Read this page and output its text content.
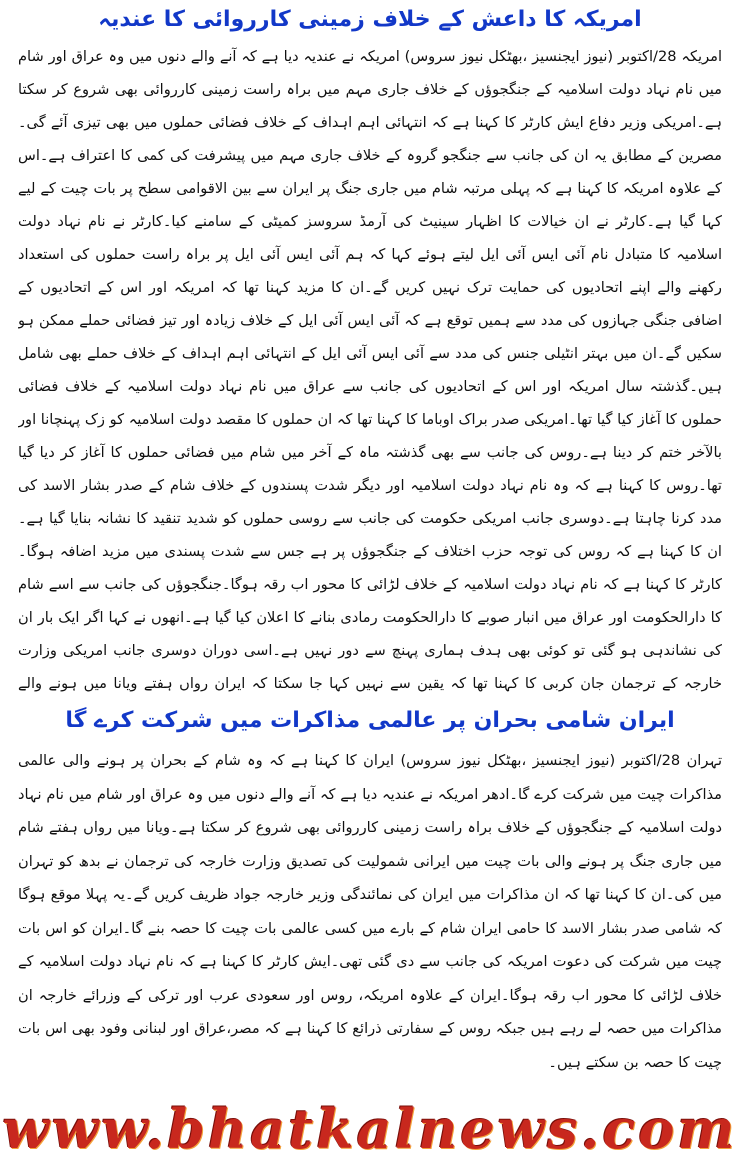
امریکہ کا داعش کے خلاف زمینی کارروائی کا عندیہ
امریکہ 28/اکتوبر (نیوز ایجنسیز ،بھٹکل نیوز سروس) امریکہ نے عندیہ دیا ہے کہ آنے والے دنوں میں وہ عراق اور شام میں نام نہاد دولت اسلامیہ کے جنگجوؤں کے خلاف جاری مہم میں براہ راست زمینی کارروائی بھی شروع کر سکتا ہے۔امریکی وزیر دفاع ایش کارٹر کا کہنا ہے کہ انتہائی اہم اہداف کے خلاف فضائی حملوں میں بھی تیزی آئے گی۔مصرین کے مطابق یہ ان کی جانب سے جنگجو گروہ کے خلاف جاری مہم میں پیشرفت کی کمی کا اعتراف ہے۔اس کے علاوہ امریکہ کا کہنا ہے کہ پہلی مرتبہ شام میں جاری جنگ پر ایران سے بین الاقوامی سطح پر بات چیت کے لیے کہا گیا ہے۔کارٹر نے ان خیالات کا اظہار سینیٹ کی آرمڈ سروسز کمیٹی کے سامنے کیا۔کارٹر نے نام نہاد دولت اسلامیہ کا متبادل نام آئی ایس آئی ایل لیتے ہوئے کہا کہ ہم آئی ایس آئی ایل پر براہ راست حملوں کی استعداد رکھنے والے اپنے اتحادیوں کی حمایت ترک نہیں کریں گے۔ان کا مزید کہنا تھا کہ امریکہ اور اس کے اتحادیوں کے اضافی جنگی جہازوں کی مدد سے ہمیں توقع ہے کہ آئی ایس آئی ایل کے خلاف زیادہ اور تیز فضائی حملے ممکن ہو سکیں گے۔ان میں بہتر انٹیلی جنس کی مدد سے آئی ایس آئی ایل کے انتہائی اہم اہداف کے خلاف حملے بھی شامل ہیں۔گذشتہ سال امریکہ اور اس کے اتحادیوں کی جانب سے عراق میں نام نہاد دولت اسلامیہ کے خلاف فضائی حملوں کا آغاز کیا گیا تھا۔امریکی صدر براک اوباما کا کہنا تھا کہ ان حملوں کا مقصد دولت اسلامیہ کو زک پہنچانا اور بالآخر ختم کر دینا ہے۔روس کی جانب سے بھی گذشتہ ماہ کے آخر میں شام میں فضائی حملوں کا آغاز کر دیا گیا تھا۔روس کا کہنا ہے کہ وہ نام نہاد دولت اسلامیہ اور دیگر شدت پسندوں کے خلاف شام کے صدر بشار الاسد کی مدد کرنا چاہتا ہے۔دوسری جانب امریکی حکومت کی جانب سے روسی حملوں کو شدید تنقید کا نشانہ بنایا گیا ہے۔ان کا کہنا ہے کہ روس کی توجہ حزب اختلاف کے جنگجوؤں پر ہے جس سے شدت پسندی میں مزید اضافہ ہوگا۔کارٹر کا کہنا ہے کہ نام نہاد دولت اسلامیہ کے خلاف لڑائی کا محور اب رقہ ہوگا۔جنگجوؤں کی جانب سے اسے شام کا دارالحکومت اور عراق میں انبار صوبے کا دارالحکومت رمادی بنانے کا اعلان کیا گیا ہے۔انھوں نے کہا اگر ایک بار ان کی نشاندہی ہو گئی تو کوئی بھی ہدف ہماری پہنچ سے دور نہیں ہے۔اسی دوران دوسری جانب امریکی وزارت خارجہ کے ترجمان جان کربی کا کہنا تھا کہ یقین سے نہیں کہا جا سکتا کہ ایران رواں ہفتے ویانا میں ہونے والے
ایران شامی بحران پر عالمی مذاکرات میں شرکت کرے گا
تہران 28/اکتوبر (نیوز ایجنسیز ،بھٹکل نیوز سروس) ایران کا کہنا ہے کہ وہ شام کے بحران پر ہونے والی عالمی مذاکرات چیت میں شرکت کرے گا۔ادھر امریکہ نے عندیہ دیا ہے کہ آنے والے دنوں میں وہ عراق اور شام میں نام نہاد دولت اسلامیہ کے جنگجوؤں کے خلاف براہ راست زمینی کارروائی بھی شروع کر سکتا ہے۔ویانا میں رواں ہفتے شام میں جاری جنگ پر ہونے والی بات چیت میں ایرانی شمولیت کی تصدیق وزارت خارجہ کی ترجمان نے بدھ کو تہران میں کی۔ان کا کہنا تھا کہ ان مذاکرات میں ایران کی نمائندگی وزیر خارجہ جواد ظریف کریں گے۔یہ پہلا موقع ہوگا کہ شامی صدر بشار الاسد کا حامی ایران شام کے بارے میں کسی عالمی بات چیت کا حصہ بنے گا۔ایران کو اس بات چیت میں شرکت کی دعوت امریکہ کی جانب سے دی گئی تھی۔ایش کارٹر کا کہنا ہے کہ نام نہاد دولت اسلامیہ کے خلاف لڑائی کا محور اب رقہ ہوگا۔ایران کے علاوہ امریکہ، روس اور سعودی عرب اور ترکی کے وزرائے خارجہ ان مذاکرات میں حصہ لے رہے ہیں جبکہ روس کے سفارتی ذرائع کا کہنا ہے کہ مصر،عراق اور لبنانی وفود بھی اس بات چیت کا حصہ بن سکتے ہیں۔
www.bhatkalnews.com
